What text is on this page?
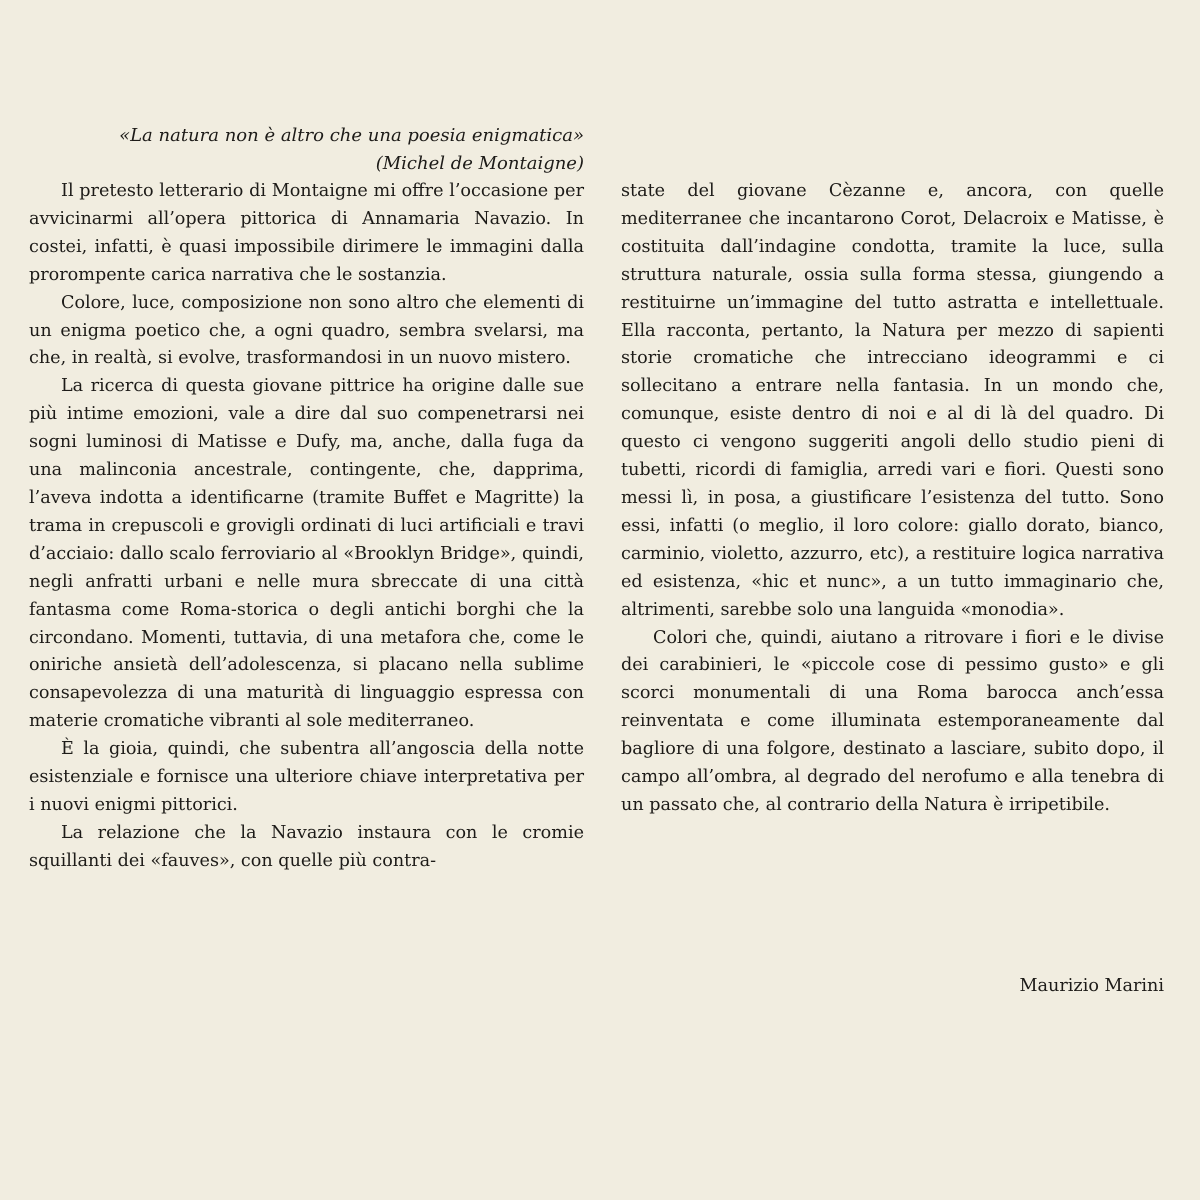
«La natura non è altro che una poesia enigmatica»
(Michel de Montaigne)

Il pretesto letterario di Montaigne mi offre l’occasione per avvicinarmi all’opera pittorica di Annamaria Navazio. In costei, infatti, è quasi impossibile dirimere le immagini dalla prorompente carica narrativa che le sostanzia.

Colore, luce, composizione non sono altro che elementi di un enigma poetico che, a ogni quadro, sembra svelarsi, ma che, in realtà, si evolve, trasformandosi in un nuovo mistero.

La ricerca di questa giovane pittrice ha origine dalle sue più intime emozioni, vale a dire dal suo compenetrarsi nei sogni luminosi di Matisse e Dufy, ma, anche, dalla fuga da una malinconia ancestrale, contingente, che, dapprima, l’aveva indotta a identificarne (tramite Buffet e Magritte) la trama in crepuscoli e grovigli ordinati di luci artificiali e travi d’acciaio: dallo scalo ferroviario al «Brooklyn Bridge», quindi, negli anfratti urbani e nelle mura sbreccate di una città fantasma come Roma-storica o degli antichi borghi che la circondano. Momenti, tuttavia, di una metafora che, come le oniriche ansietà dell’adolescenza, si placano nella sublime consapevolezza di una maturità di linguaggio espressa con materie cromatiche vibranti al sole mediterraneo.

È la gioia, quindi, che subentra all’angoscia della notte esistenziale e fornisce una ulteriore chiave interpretativa per i nuovi enigmi pittorici.

La relazione che la Navazio instaura con le cromie squillanti dei «fauves», con quelle più contra-

state del giovane Cèzanne e, ancora, con quelle mediterranee che incantarono Corot, Delacroix e Matisse, è costituita dall’indagine condotta, tramite la luce, sulla struttura naturale, ossia sulla forma stessa, giungendo a restituirne un’immagine del tutto astratta e intellettuale. Ella racconta, pertanto, la Natura per mezzo di sapienti storie cromatiche che intrecciano ideogrammi e ci sollecitano a entrare nella fantasia. In un mondo che, comunque, esiste dentro di noi e al di là del quadro. Di questo ci vengono suggeriti angoli dello studio pieni di tubetti, ricordi di famiglia, arredi vari e fiori. Questi sono messi lì, in posa, a giustificare l’esistenza del tutto. Sono essi, infatti (o meglio, il loro colore: giallo dorato, bianco, carminio, violetto, azzurro, etc), a restituire logica narrativa ed esistenza, «hic et nunc», a un tutto immaginario che, altrimenti, sarebbe solo una languida «monodia».

Colori che, quindi, aiutano a ritrovare i fiori e le divise dei carabinieri, le «piccole cose di pessimo gusto» e gli scorci monumentali di una Roma barocca anch’essa reinventata e come illuminata estemporaneamente dal bagliore di una folgore, destinato a lasciare, subito dopo, il campo all’ombra, al degrado del nerofumo e alla tenebra di un passato che, al contrario della Natura è irripetibile.

Maurizio Marini
